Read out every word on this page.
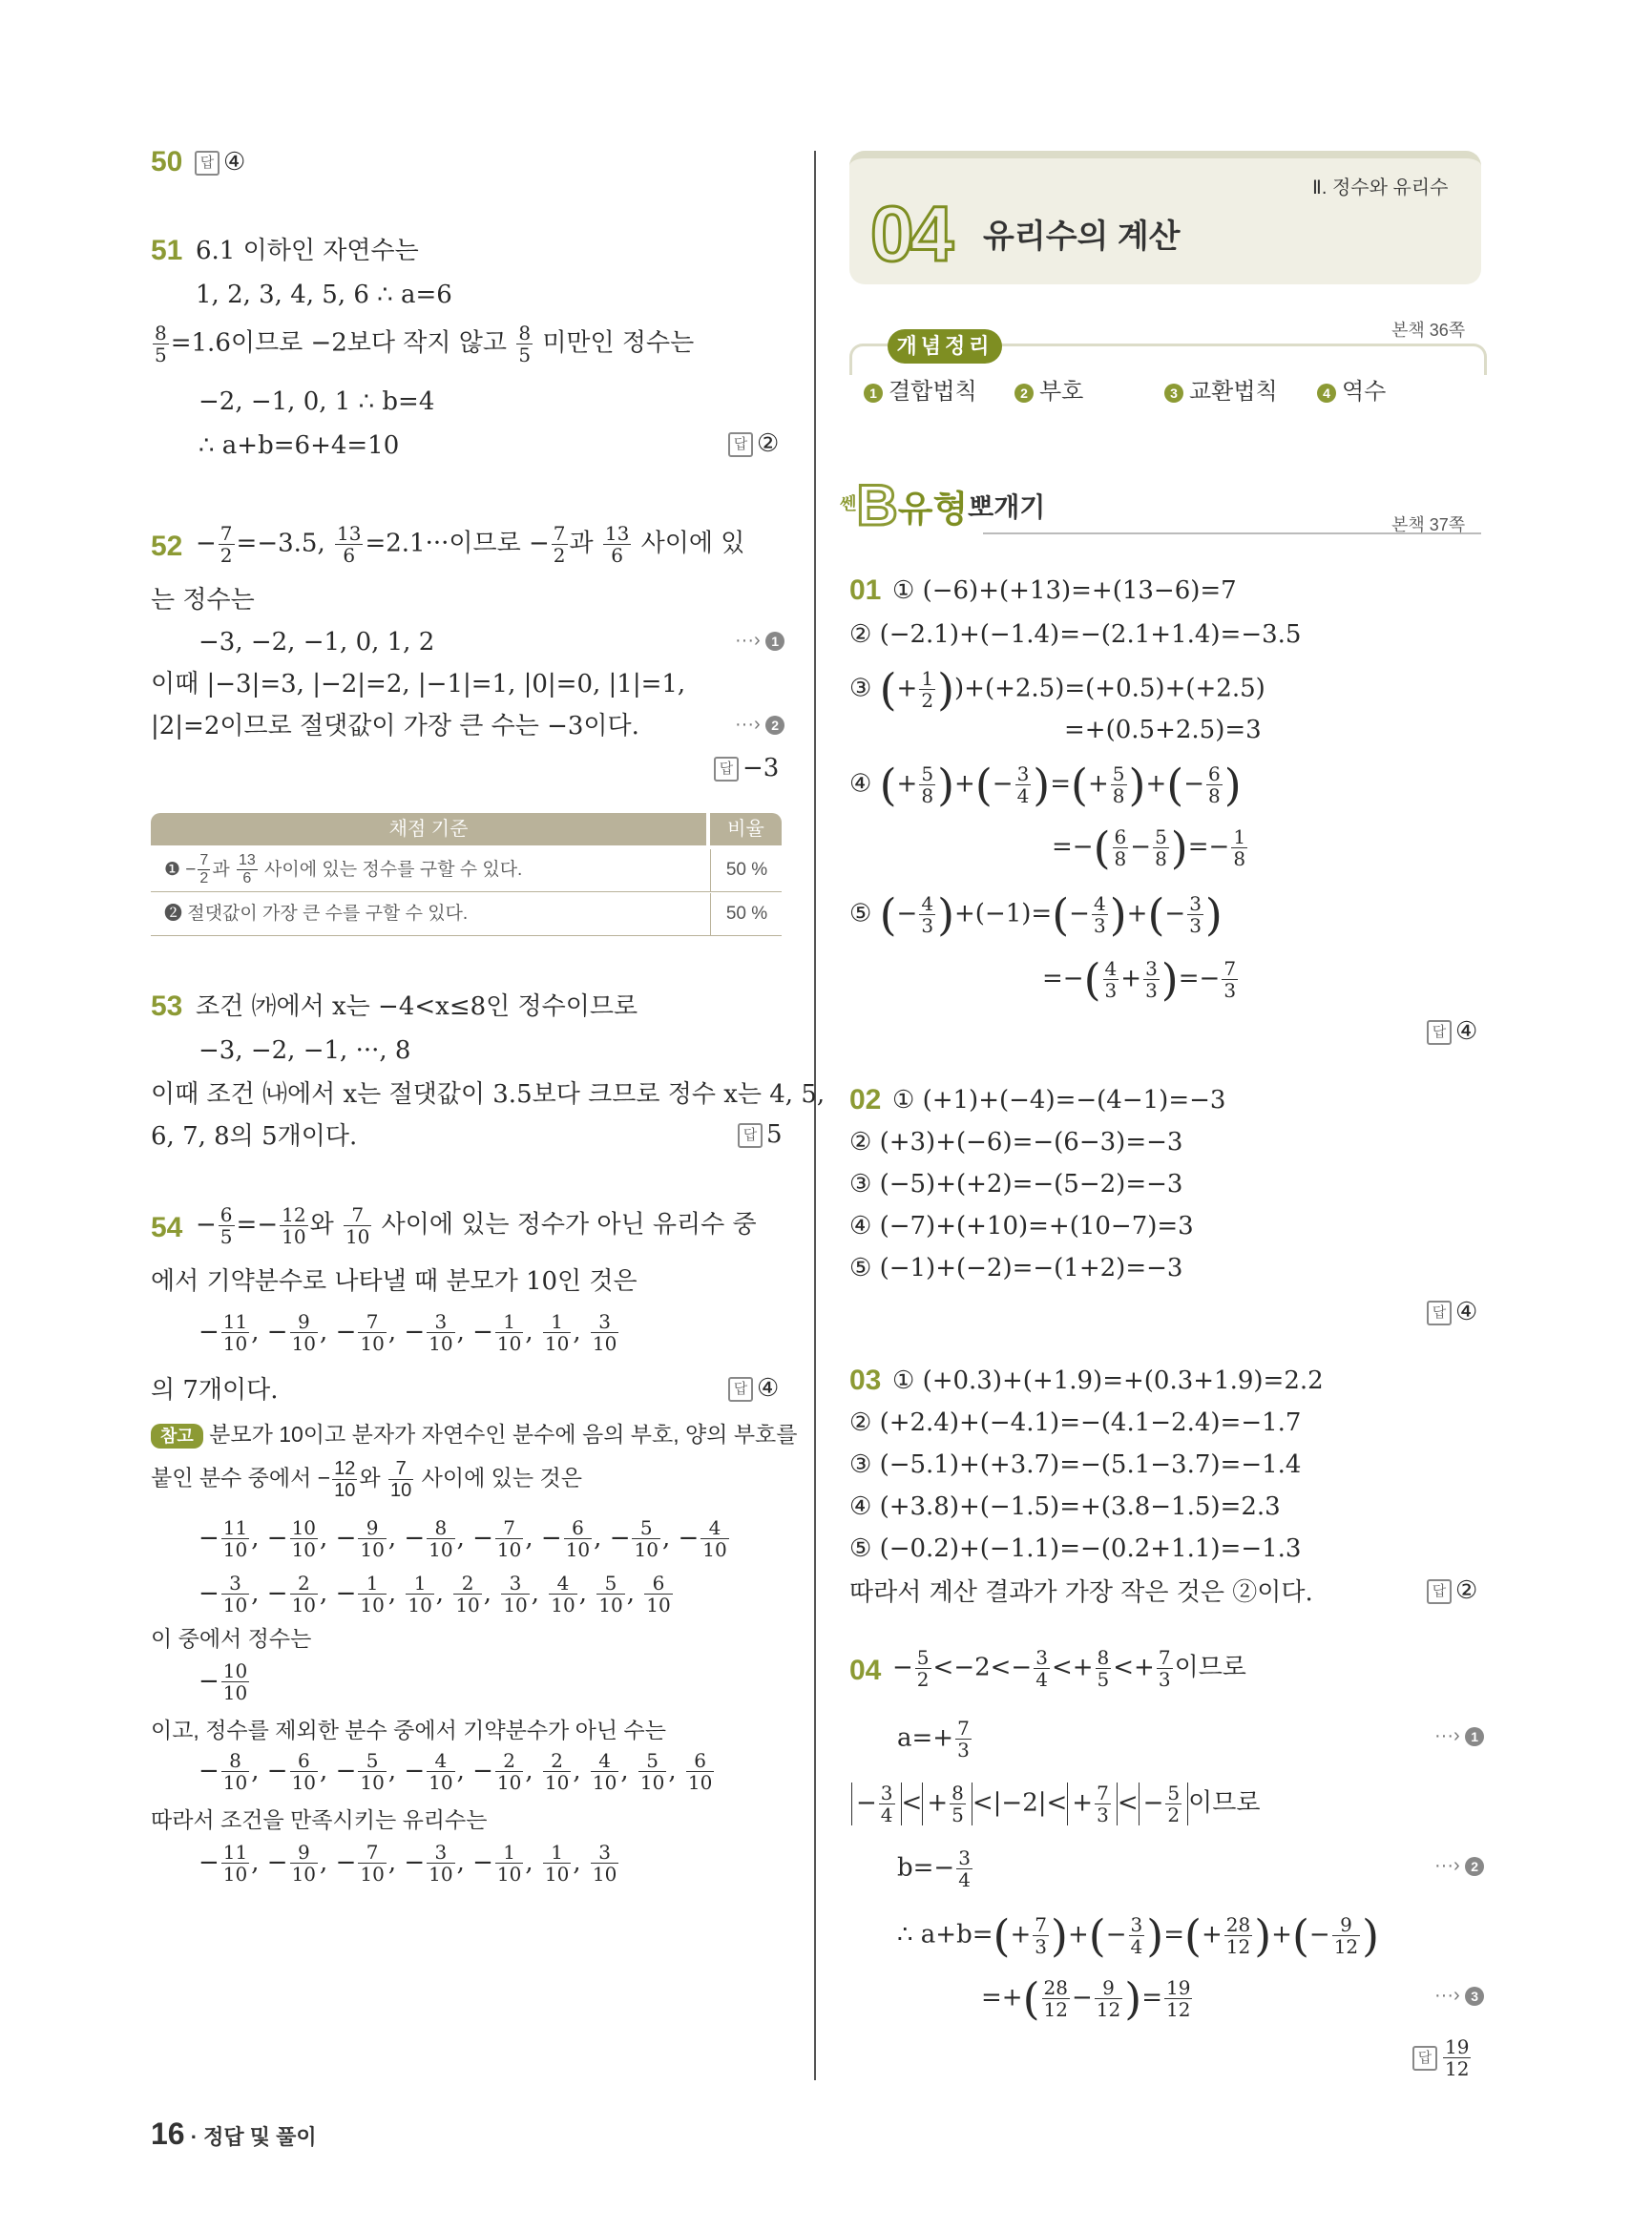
50	답 ④
51 6.1 이하인 자연수는
1, 2, 3, 4, 5, 6 ∴ a=6
$\frac{8}{5} =1.6$이므로 −2보다 작지 않고 $\frac{8}{5}$ 미만인 정수는
−2, −1, 0, 1 ∴ b=4
∴ a+b=6+4=10	답 ②
$52 - \frac{7}{2} =-3.5$, $\frac{13}{6} =2.1\cdot\cdot\cdot$이므로 − $\frac{7}{2}$ 과 $\frac{13}{6}$ 사이에 있
는 정수는
−3, −2, −1, 0, 1, 2	···› 1
이때 |−3|=3, |−2|=2, |−1|=1, |0|=0, |1|=1,
|2|=2이므로 절댓값이 가장 큰 수는 −3이다.	···› 2
답 −3
채점 기준	비율
❶ − $\frac{7}{2}$ 과 $\frac{13}{6}$ 사이에 있는 정수를 구할 수 있다.	50 %
❷ 절댓값이 가장 큰 수를 구할 수 있다.	50 %
53 조건 ㈎에서 x는 −4<x≤8인 정수이므로
−3, −2, −1, ···, 8
이때 조건 ㈏에서 x는 절댓값이 3.5보다 크므로 정수 x는 4, 5,
6, 7, 8의 5개이다.	답 5
$54 - \frac{6}{5} =- \frac{12}{10}$ 와 $\frac{7}{10}$ 사이에 있는 정수가 아닌 유리수 중
에서 기약분수로 나타낼 때 분모가 10인 것은
− $\frac{11}{10}$ , − $\frac{9}{10}$ , − $\frac{7}{10}$ , − $\frac{3}{10}$ , − $\frac{1}{10}$ , $\frac{1}{10}$ , $\frac{3}{10}$
의 7개이다.	답 ④
참고 분모가 10이고 분자가 자연수인 분수에 음의 부호, 양의 부호를
붙인 분수 중에서 − $\frac{12}{10}$ 와 $\frac{7}{10}$ 사이에 있는 것은
− $\frac{11}{10}$ , − $\frac{10}{10}$ , − $\frac{9}{10}$ , − $\frac{8}{10}$ , − $\frac{7}{10}$ , − $\frac{6}{10}$ , − $\frac{5}{10}$ , − $\frac{4}{10}$
− $\frac{3}{10}$ , − $\frac{2}{10}$ , − $\frac{1}{10}$ , $\frac{1}{10}$ , $\frac{2}{10}$ , $\frac{3}{10}$ , $\frac{4}{10}$ , $\frac{5}{10}$ , $\frac{6}{10}$
이 중에서 정수는
− $\frac{10}{10}$
이고, 정수를 제외한 분수 중에서 기약분수가 아닌 수는
− $\frac{8}{10}$ , − $\frac{6}{10}$ , − $\frac{5}{10}$ , − $\frac{4}{10}$ , − $\frac{2}{10}$ , $\frac{2}{10}$ , $\frac{4}{10}$ , $\frac{5}{10}$ , $\frac{6}{10}$
따라서 조건을 만족시키는 유리수는
− $\frac{11}{10}$ , − $\frac{9}{10}$ , − $\frac{7}{10}$ , − $\frac{3}{10}$ , − $\frac{1}{10}$ , $\frac{1}{10}$ , $\frac{3}{10}$
Ⅱ. 정수와 유리수
04 유리수의 계산
본책 36쪽
개념정리
1 결합법칙	2 부호	3 교환법칙	4 역수
쎈B유형뽀개기
본책 37쪽
01 ① (−6)+(+13)=+(13−6)=7
② (−2.1)+(−1.4)=−(2.1+1.4)=−3.5
③ (+ $\frac{1}{2} ))+(+2.5)=(+0.5)+(+2.5)$
=+(0.5+2.5)=3
④ (+ $\frac{5}{8}$ )+(− $\frac{3}{4}$ )=(+ $\frac{5}{8}$ )+(− $\frac{6}{8}$ )
=−( $\frac{6}{8} - \frac{5}{8}$ )=− $\frac{1}{8}$
⑤ (− $\frac{4}{3} )+(-1)=(- \frac{4}{3}$ )+(− $\frac{3}{3}$ )
=−( $\frac{4}{3} + \frac{3}{3}$ )=− $\frac{7}{3}$
답 ④
02 ① (+1)+(−4)=−(4−1)=−3
② (+3)+(−6)=−(6−3)=−3
③ (−5)+(+2)=−(5−2)=−3
④ (−7)+(+10)=+(10−7)=3
⑤ (−1)+(−2)=−(1+2)=−3
답 ④
03 ① (+0.3)+(+1.9)=+(0.3+1.9)=2.2
② (+2.4)+(−4.1)=−(4.1−2.4)=−1.7
③ (−5.1)+(+3.7)=−(5.1−3.7)=−1.4
④ (+3.8)+(−1.5)=+(3.8−1.5)=2.3
⑤ (−0.2)+(−1.1)=−(0.2+1.1)=−1.3
따라서 계산 결과가 가장 작은 것은 ②이다.	답 ②
$04 - \frac{5}{2} <-2<- \frac{3}{4} <+ \frac{8}{5} <+ \frac{7}{3}$ 이므로
$a=+ \frac{7}{3}$	···› 1
− $\frac{3}{4}$ < + $\frac{8}{5} <|-2|< + \frac{7}{3}$ < − $\frac{5}{2}$ 이므로
$b=- \frac{3}{4}$	···› 2
∴ $a+b=(+ \frac{7}{3}$ )+(− $\frac{3}{4}$ )=(+ $\frac{28}{12}$ )+(− $\frac{9}{12}$ )
=+( $\frac{28}{12} - \frac{9}{12}$ )= $\frac{19}{12}$	···› 3
답 $\frac{19}{12}$
16 · 정답 및 풀이
